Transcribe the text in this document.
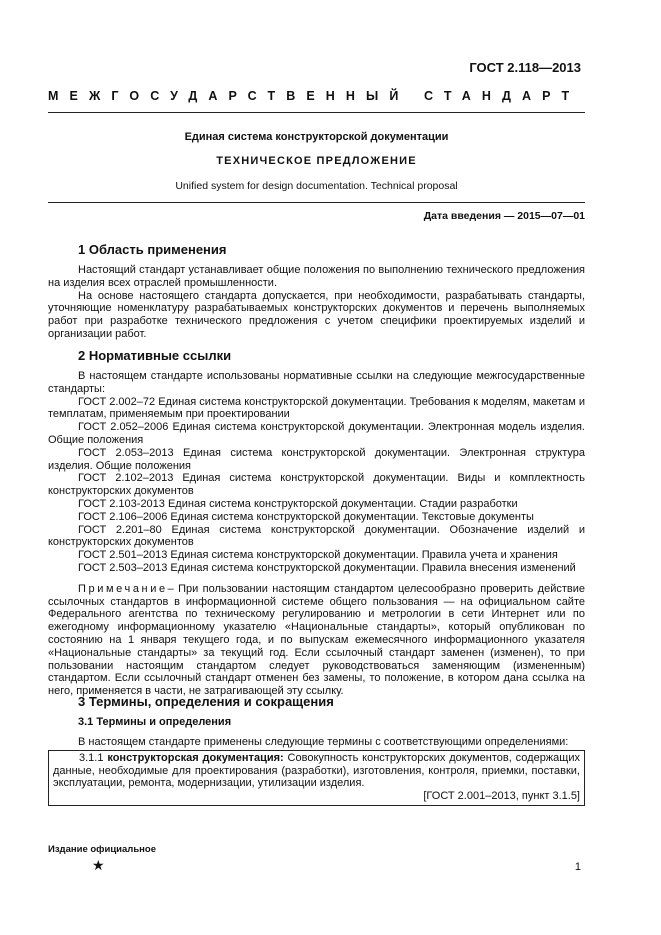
ГОСТ 2.118—2013
МЕЖГОСУДАРСТВЕННЫЙ СТАНДАРТ
Единая система конструкторской документации
ТЕХНИЧЕСКОЕ ПРЕДЛОЖЕНИЕ
Unified system for design documentation. Technical proposal
Дата введения — 2015—07—01
1 Область применения

Настоящий стандарт устанавливает общие положения по выполнению технического предложения на изделия всех отраслей промышленности.

На основе настоящего стандарта допускается, при необходимости, разрабатывать стандарты, уточняющие номенклатуру разрабатываемых конструкторских документов и перечень выполняемых работ при разработке технического предложения с учетом специфики проектируемых изделий и организации работ.

2 Нормативные ссылки

В настоящем стандарте использованы нормативные ссылки на следующие межгосударственные стандарты:

ГОСТ 2.002–72 Единая система конструкторской документации. Требования к моделям, макетам и темплатам, применяемым при проектировании

ГОСТ 2.052–2006 Единая система конструкторской документации. Электронная модель изделия. Общие положения

ГОСТ 2.053–2013 Единая система конструкторской документации. Электронная структура изделия. Общие положения

ГОСТ 2.102–2013 Единая система конструкторской документации. Виды и комплектность конструкторских документов

ГОСТ 2.103-2013 Единая система конструкторской документации. Стадии разработки

ГОСТ 2.106–2006 Единая система конструкторской документации. Текстовые документы

ГОСТ 2.201–80 Единая система конструкторской документации. Обозначение изделий и конструкторских документов

ГОСТ 2.501–2013 Единая система конструкторской документации. Правила учета и хранения

ГОСТ 2.503–2013 Единая система конструкторской документации. Правила внесения изменений

Примечание– При пользовании настоящим стандартом целесообразно проверить действие ссылочных стандартов в информационной системе общего пользования — на официальном сайте Федерального агентства по техническому регулированию и метрологии в сети Интернет или по ежегодному информационному указателю «Национальные стандарты», который опубликован по состоянию на 1 января текущего года, и по выпускам ежемесячного информационного указателя «Национальные стандарты» за текущий год. Если ссылочный стандарт заменен (изменен), то при пользовании настоящим стандартом следует руководствоваться заменяющим (измененным) стандартом. Если ссылочный стандарт отменен без замены, то положение, в котором дана ссылка на него, применяется в части, не затрагивающей эту ссылку.

3 Термины, определения и сокращения
3.1 Термины и определения

В настоящем стандарте применены следующие термины с соответствующими определениями:

3.1.1 конструкторская документация: Совокупность конструкторских документов, содержащих данные, необходимые для проектирования (разработки), изготовления, контроля, приемки, поставки, эксплуатации, ремонта, модернизации, утилизации изделия.

[ГОСТ 2.001–2013, пункт 3.1.5]

Издание официальное
★	1
